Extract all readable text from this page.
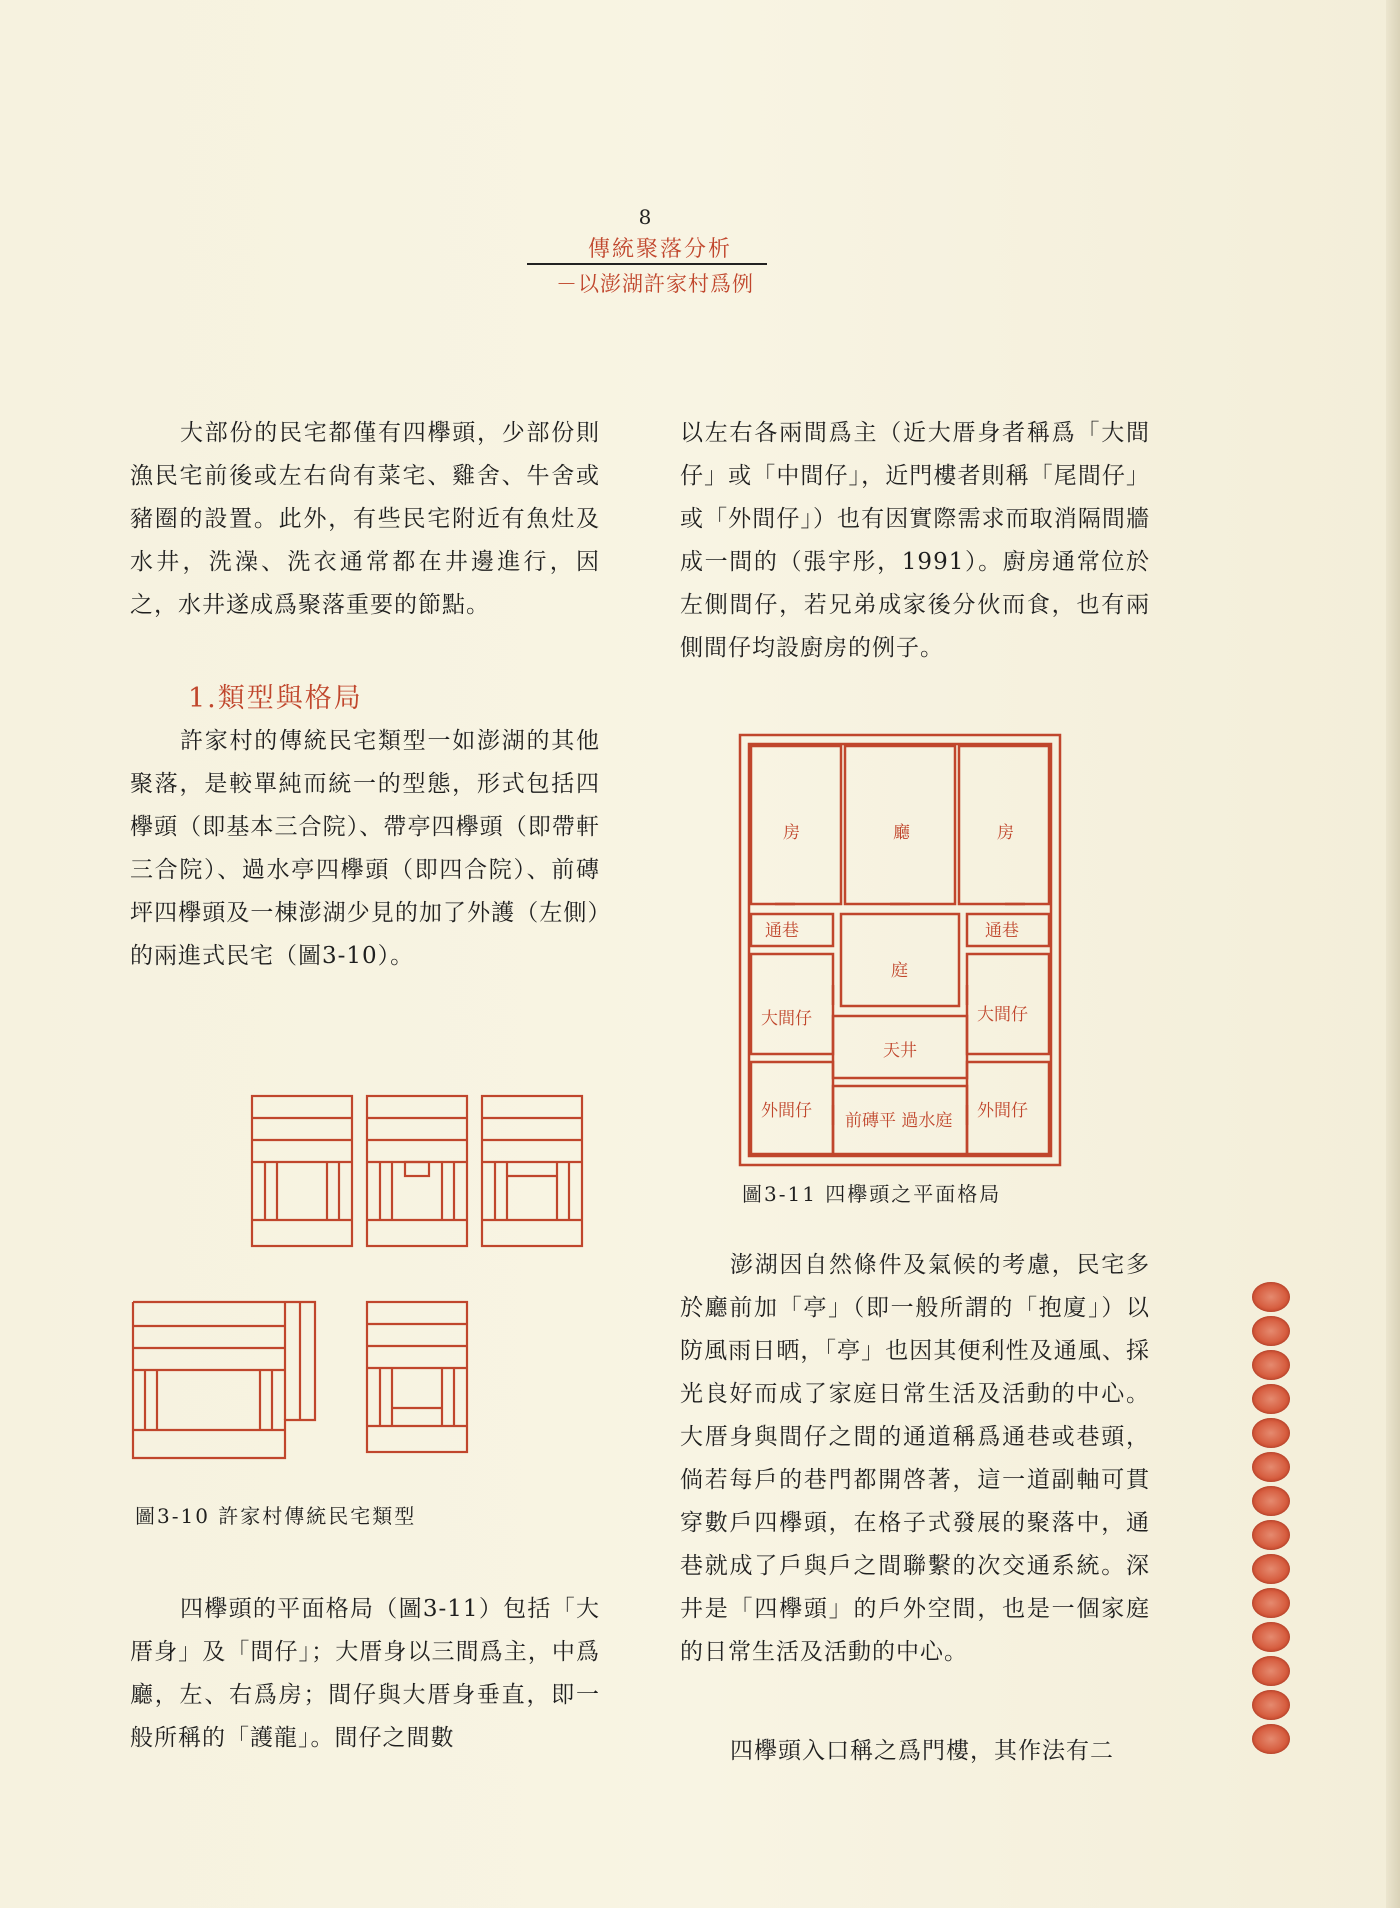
8
傳統聚落分析
－以澎湖許家村爲例
大部份的民宅都僅有四欅頭，少部份則漁民宅前後或左右尙有菜宅、雞舍、牛舍或豬圈的設置。此外，有些民宅附近有魚灶及水井，洗澡、洗衣通常都在井邊進行，因之，水井遂成爲聚落重要的節點。
1.類型與格局
許家村的傳統民宅類型一如澎湖的其他聚落，是較單純而統一的型態，形式包括四欅頭（即基本三合院）、帶亭四欅頭（即帶軒三合院）、過水亭四欅頭（即四合院）、前磚坪四欅頭及一棟澎湖少見的加了外護（左側）的兩進式民宅（圖3-10）。
圖3-10 許家村傳統民宅類型
四欅頭的平面格局（圖3-11）包括「大厝身」及「間仔」；大厝身以三間爲主，中爲廳，左、右爲房；間仔與大厝身垂直，即一般所稱的「護龍」。間仔之間數
以左右各兩間爲主（近大厝身者稱爲「大間仔」或「中間仔」，近門樓者則稱「尾間仔」或「外間仔」）也有因實際需求而取消隔間牆成一間的（張宇彤，1991）。廚房通常位於左側間仔，若兄弟成家後分伙而食，也有兩側間仔均設廚房的例子。
房	廳	房
通巷	通巷
庭
大間仔	大間仔
天井
外間仔 前磚平 過水庭 外間仔
圖3-11 四欅頭之平面格局
澎湖因自然條件及氣候的考慮，民宅多於廳前加「亭」（即一般所謂的「抱廈」）以防風雨日晒，「亭」也因其便利性及通風、採光良好而成了家庭日常生活及活動的中心。大厝身與間仔之間的通道稱爲通巷或巷頭，倘若每戶的巷門都開啓著，這一道副軸可貫穿數戶四欅頭，在格子式發展的聚落中，通巷就成了戶與戶之間聯繫的次交通系統。深井是「四欅頭」的戶外空間，也是一個家庭的日常生活及活動的中心。
四欅頭入口稱之爲門樓，其作法有二
